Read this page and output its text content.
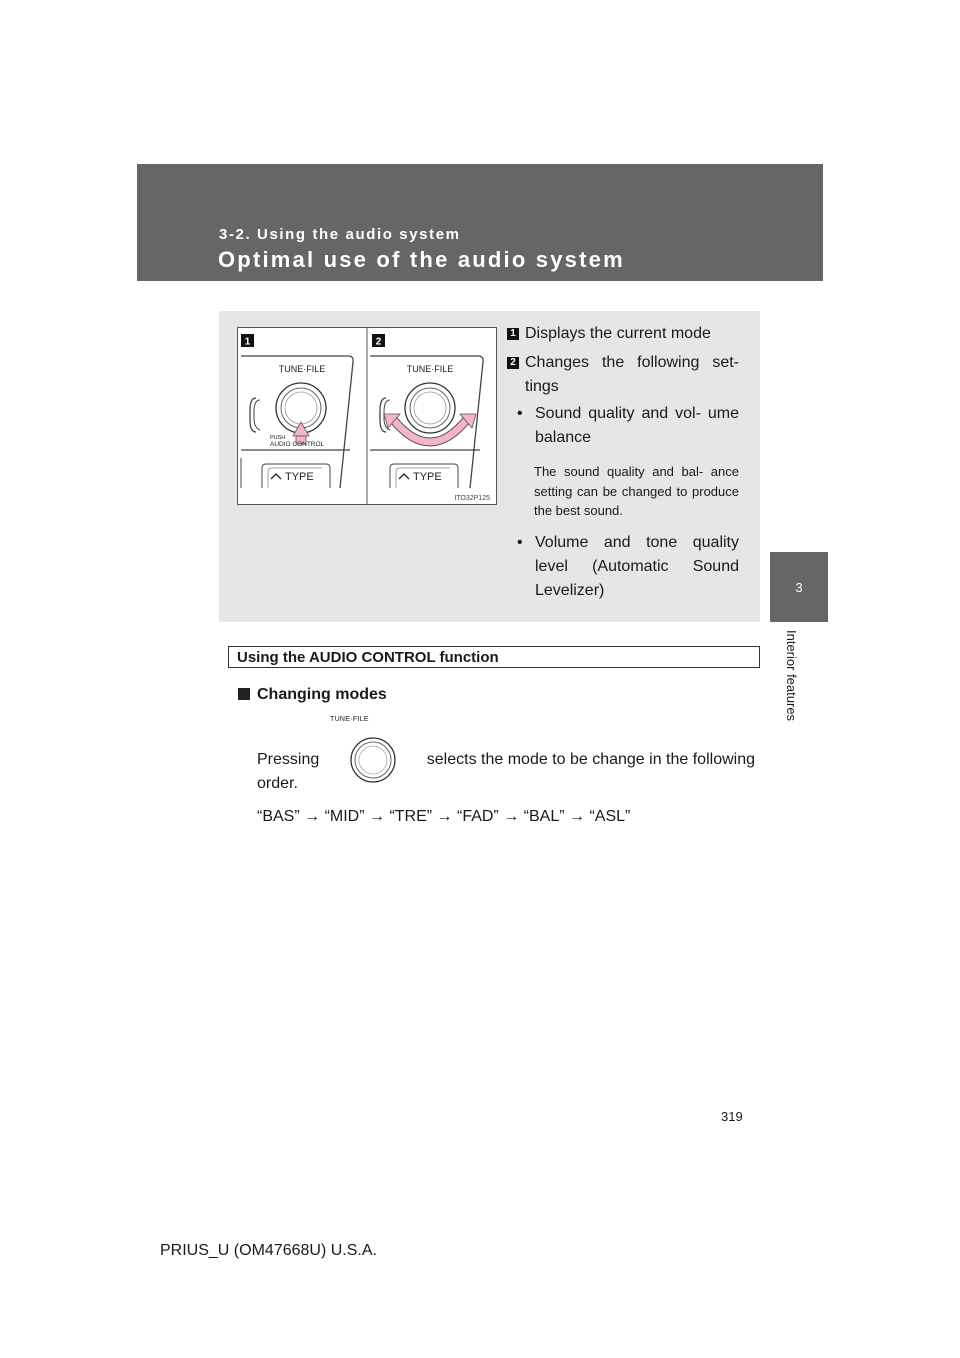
3-2. Using the audio system
Optimal use of the audio system
3
Interior features
1	2
TUNE·FILE
PUSH
AUDIO CONTROL
TYPE
TUNE·FILE
TYPE
ITO32P125
1 Displays the current mode
2 Changes the following set- tings
• Sound quality and vol- ume balance
The sound quality and bal- ance setting can be changed to produce the best sound.
• Volume and tone quality level (Automatic Sound Levelizer)
Using the AUDIO CONTROL function
Changing modes
TUNE·FILE
Pressing	selects the mode to be change in the following
order.
“BAS” → “MID” → “TRE” → “FAD” → “BAL” → “ASL”
319
PRIUS_U (OM47668U) U.S.A.
